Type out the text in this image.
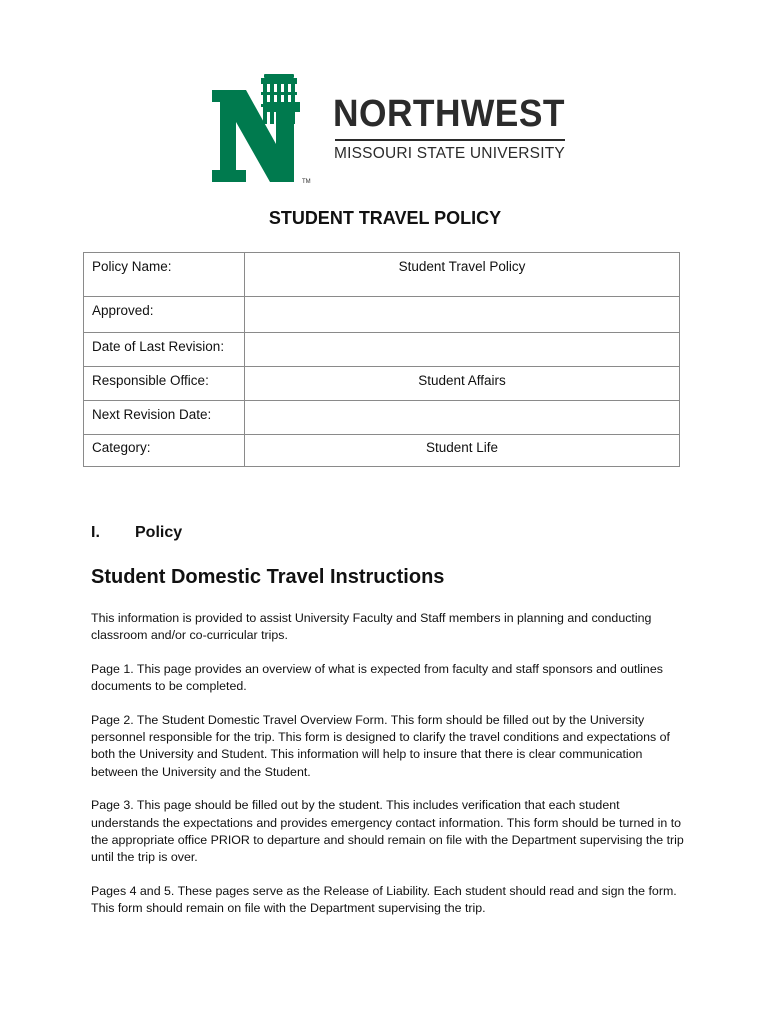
TM
NORTHWEST
MISSOURI STATE UNIVERSITY
STUDENT TRAVEL POLICY
Policy Name:	Student Travel Policy
Approved:	
Date of Last Revision:	
Responsible Office:	Student Affairs
Next Revision Date:	
Category:	Student Life
I. Policy
Student Domestic Travel Instructions

This information is provided to assist University Faculty and Staff members in planning and conducting classroom and/or co-curricular trips.

Page 1. This page provides an overview of what is expected from faculty and staff sponsors and outlines documents to be completed.

Page 2. The Student Domestic Travel Overview Form. This form should be filled out by the University personnel responsible for the trip. This form is designed to clarify the travel conditions and expectations of both the University and Student. This information will help to insure that there is clear communication between the University and the Student.

Page 3. This page should be filled out by the student. This includes verification that each student understands the expectations and provides emergency contact information. This form should be turned in to the appropriate office PRIOR to departure and should remain on file with the Department supervising the trip until the trip is over.

Pages 4 and 5. These pages serve as the Release of Liability. Each student should read and sign the form. This form should remain on file with the Department supervising the trip.
